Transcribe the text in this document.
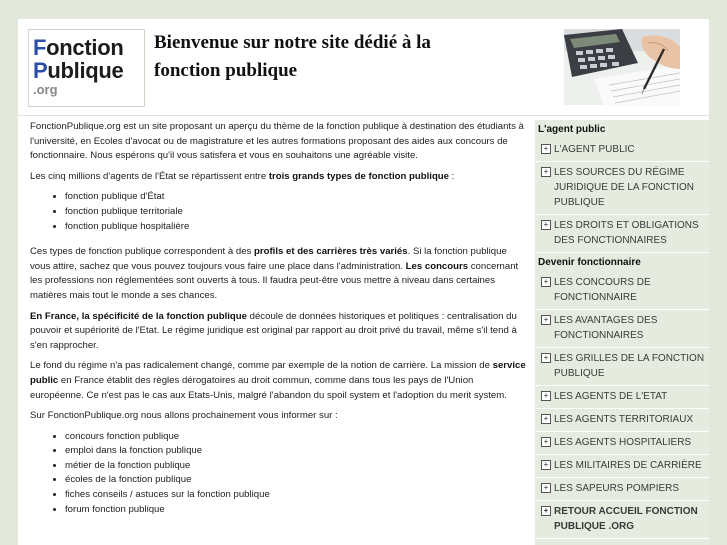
Fonction
Publique
.org
Bienvenue sur notre site dédié à la fonction publique

FonctionPublique.org est un site proposant un aperçu du thème de la fonction publique à destination des étudiants à l'université, en Ecoles d'avocat ou de magistrature et les autres formations proposant des aides aux concours de fonctionnaire. Nous espérons qu'il vous satisfera et vous en souhaitons une agréable visite.

Les cinq millions d'agents de l'État se répartissent entre trois grands types de fonction publique :

• fonction publique d'État
• fonction publique territoriale
• fonction publique hospitalière

Ces types de fonction publique correspondent à des profils et des carrières très variés. Si la fonction publique vous attire, sachez que vous pouvez toujours vous faire une place dans l'administration. Les concours concernant les professions non réglementées sont ouverts à tous. Il faudra peut-être vous mettre à niveau dans certaines matières mais tout le monde a ses chances.

En France, la spécificité de la fonction publique découle de données historiques et politiques : centralisation du pouvoir et supériorité de l'Etat. Le régime juridique est original par rapport au droit privé du travail, même s'il tend à s'en rapprocher.

Le fond du régime n'a pas radicalement changé, comme par exemple de la notion de carrière. La mission de service public en France établit des règles dérogatoires au droit commun, comme dans tous les pays de l'Union européenne. Ce n'est pas le cas aux Etats-Unis, malgré l'abandon du spoil system et l'adoption du merit system.

Sur FonctionPublique.org nous allons prochainement vous informer sur :

• concours fonction publique
• emploi dans la fonction publique
• métier de la fonction publique
• écoles de la fonction publique
• fiches conseils / astuces sur la fonction publique
• forum fonction publique
L'agent public
+ L'AGENT PUBLIC
+ LES SOURCES DU RÉGIME JURIDIQUE DE LA FONCTION PUBLIQUE
+ LES DROITS ET OBLIGATIONS DES FONCTIONNAIRES
Devenir fonctionnaire
+ LES CONCOURS DE FONCTIONNAIRE
+ LES AVANTAGES DES FONCTIONNAIRES
+ LES GRILLES DE LA FONCTION PUBLIQUE
+ LES AGENTS DE L'ETAT
+ LES AGENTS TERRITORIAUX
+ LES AGENTS HOSPITALIERS
+ LES MILITAIRES DE CARRIÈRE
+ LES SAPEURS POMPIERS
+ RETOUR ACCUEIL FONCTION PUBLIQUE .ORG
